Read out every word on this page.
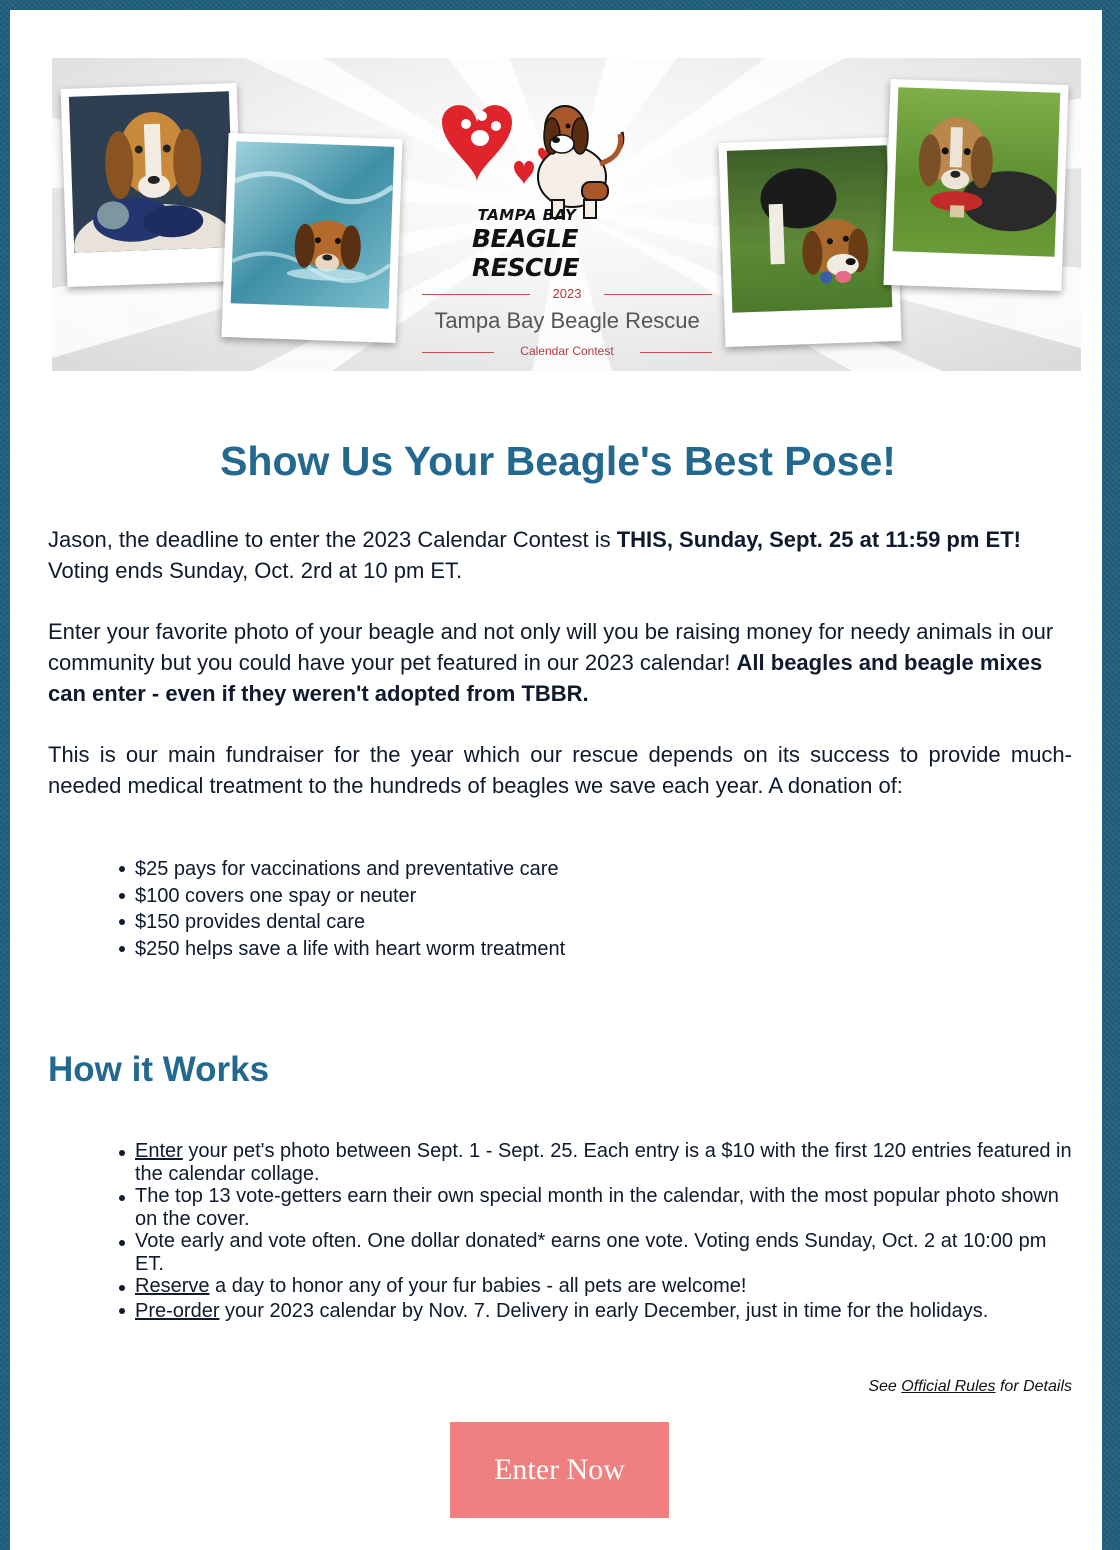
TAMPA BAY
BEAGLE RESCUE
2023
Tampa Bay Beagle Rescue
Calendar Contest
Show Us Your Beagle's Best Pose!
Jason, the deadline to enter the 2023 Calendar Contest is THIS, Sunday, Sept. 25 at 11:59 pm ET! Voting ends Sunday, Oct. 2rd at 10 pm ET.
Enter your favorite photo of your beagle and not only will you be raising money for needy animals in our community but you could have your pet featured in our 2023 calendar! All beagles and beagle mixes can enter - even if they weren't adopted from TBBR.
This is our main fundraiser for the year which our rescue depends on its success to provide much-needed medical treatment to the hundreds of beagles we save each year. A donation of:
$25 pays for vaccinations and preventative care
$100 covers one spay or neuter
$150 provides dental care
$250 helps save a life with heart worm treatment
How it Works
Enter your pet's photo between Sept. 1 - Sept. 25. Each entry is a $10 with the first 120 entries featured in the calendar collage.
The top 13 vote-getters earn their own special month in the calendar, with the most popular photo shown on the cover.
Vote early and vote often. One dollar donated* earns one vote. Voting ends Sunday, Oct. 2 at 10:00 pm ET.
Reserve a day to honor any of your fur babies - all pets are welcome!
Pre-order your 2023 calendar by Nov. 7. Delivery in early December, just in time for the holidays.
See Official Rules for Details
Enter Now
